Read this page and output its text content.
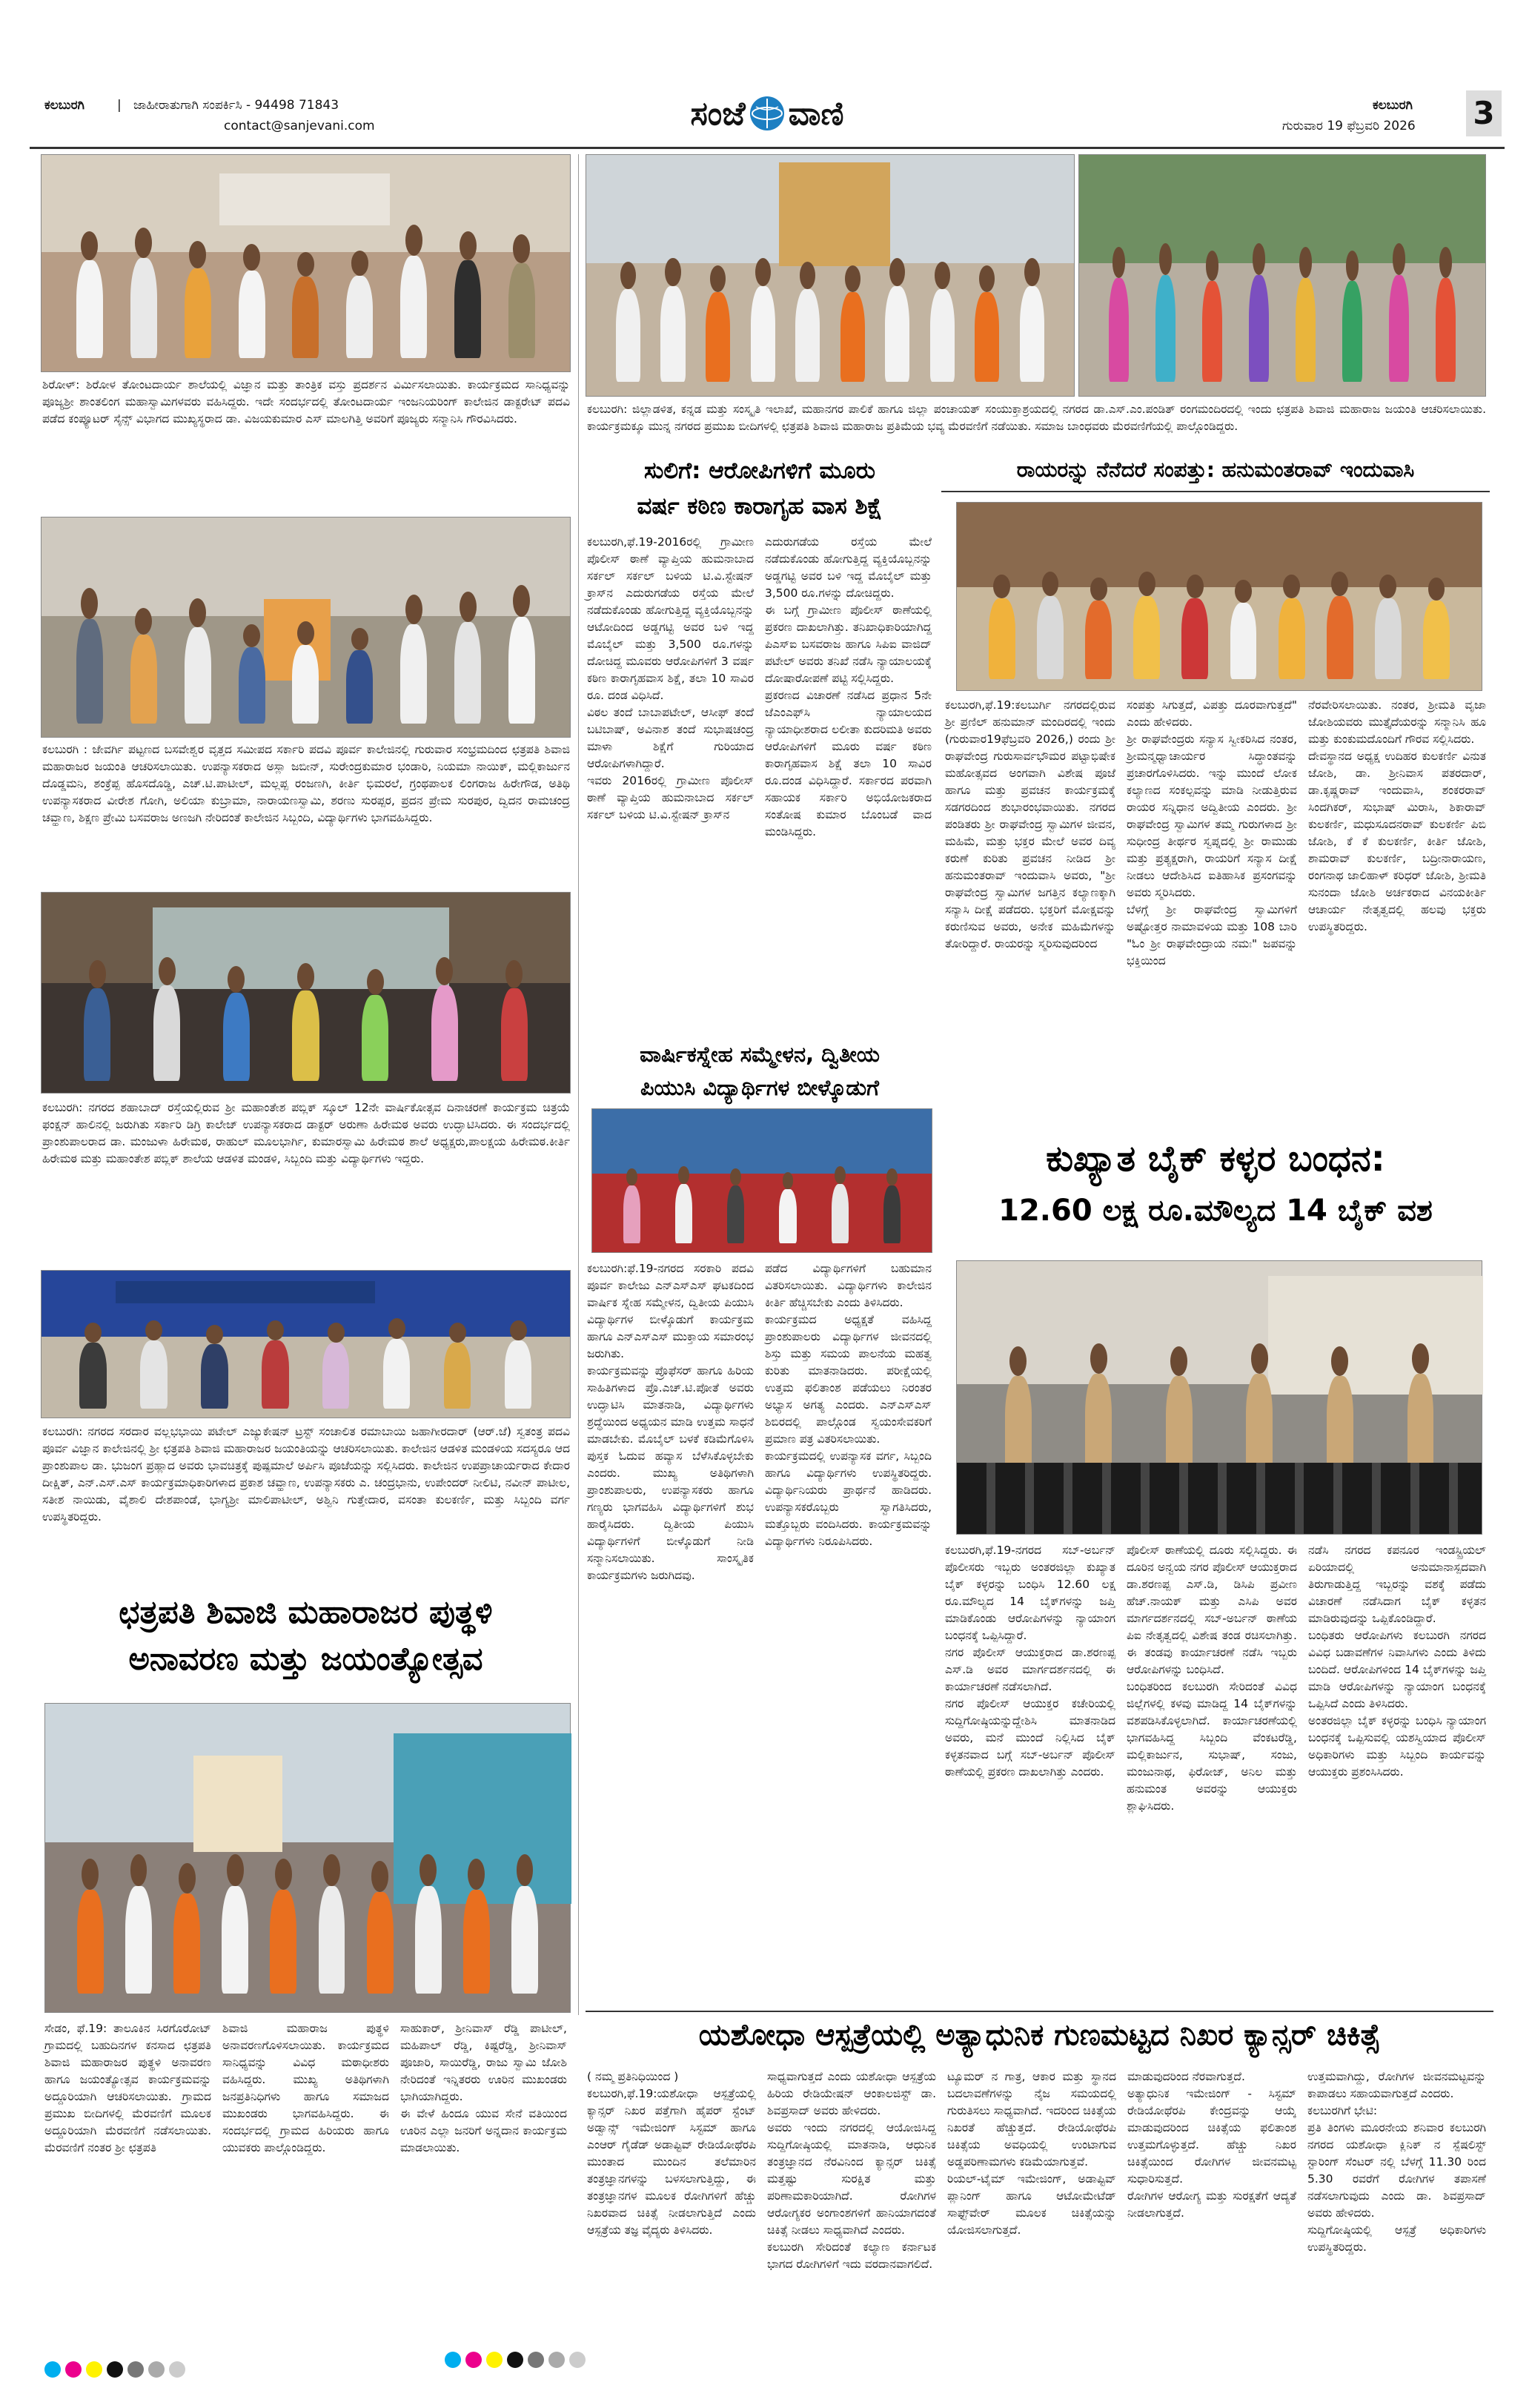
ಕಲಬುರಗಿ	| ಜಾಹೀರಾತುಗಾಗಿ ಸಂಪರ್ಕಿಸಿ - 94498 71843
contact@sanjevani.com	ಸಂಜೆ ವಾಣಿ	ಗುರುವಾರ 19 ಫೆಬ್ರವರಿ 2026
ಕಲಬುರಗಿ 3
ಶಿರೋಳ್: ಶಿರೋಳ ತೋಂಟದಾರ್ಯ ಶಾಲೆಯಲ್ಲಿ ವಿಜ್ಞಾನ ಮತ್ತು ತಾಂತ್ರಿಕ ವಸ್ತು ಪ್ರದರ್ಶನ ವಿರ್ಮಿಸಲಾಯಿತು. ಕಾರ್ಯಕ್ರಮದ ಸಾನಿಧ್ಯವನ್ನು ಪೂಜ್ಯಶ್ರೀ ಶಾಂತಲಿಂಗ ಮಹಾಸ್ವಾಮಿಗಳವರು ವಹಿಸಿದ್ದರು. ಇದೇ ಸಂದರ್ಭದಲ್ಲಿ ತೋಂಟದಾರ್ಯ ಇಂಜನಿಯರಿಂಗ್ ಕಾಲೇಜಿನ ಡಾಕ್ಟರೇಟ್ ಪದವಿ ಪಡೆದ ಕಂಪ್ಯೂಟರ್ ಸೈನ್ಸ್ ವಿಭಾಗದ ಮುಖ್ಯಸ್ಥರಾದ ಡಾ. ವಿಜಯಕುಮಾರ ಎಸ್ ಮಾಲಗಿತ್ತಿ ಅವರಿಗೆ ಪೂಜ್ಯರು ಸನ್ಮಾನಿಸಿ ಗೌರವಿಸಿದರು.
ಕಲಬುರಗಿ : ಜೇವರ್ಗಿ ಪಟ್ಟಣದ ಬಸವೇಶ್ವರ ವೃತ್ತದ ಸಮೀಪದ ಸರ್ಕಾರಿ ಪದವಿ ಪೂರ್ವ ಕಾಲೇಜಿನಲ್ಲಿ ಗುರುವಾರ ಸಂಭ್ರಮದಿಂದ ಛತ್ರಪತಿ ಶಿವಾಜಿ ಮಹಾರಾಜರ ಜಯಂತಿ ಆಚರಿಸಲಾಯಿತು. ಉಪನ್ಯಾಸಕರಾದ ಅಸ್ಲಾ ಜಬೀನ್, ಸುರೇಂದ್ರಕುಮಾರ ಭಂಡಾರಿ, ನಿಯಮಾ ನಾಯಿಕ್, ಮಲ್ಲಿಕಾರ್ಜುನ ದೊಡ್ಡಮನಿ, ಶಂಕ್ರೆಪ್ಪ ಹೊಸದೊಡ್ಡಿ, ಎಚ್.ಟಿ.ಪಾಟೀಲ್, ಮಲ್ಲಪ್ಪ ರಂಜಣಗಿ, ಕೀರ್ತಿ ಭಿಮರಲೆ, ಗ್ರಂಥಪಾಲಕ ಲಿಂಗರಾಜ ಹಿರೇಗೌಡ, ಅತಿಥಿ ಉಪನ್ಯಾಸಕರಾದ ವೀರೇಶ ಗೋಗಿ, ಅಲಿಯಾ ಕುಬ್ರಾಮಾ, ನಾರಾಯಣಸ್ವಾಮಿ, ಶರಣು ಸುರಪ್ಪರ, ಪ್ರದನ ಪ್ರೇಮ ಸುರಪುರ, ದ್ವಿದನ ರಾಮಚಂದ್ರ ಚವ್ಹಾಣ, ಶಿಕ್ಷಣ ಪ್ರೇಮಿ ಬಸವರಾಜ ಅಣಜಗಿ ನೇರಿದಂತೆ ಕಾಲೇಜಿನ ಸಿಬ್ಬಂದಿ, ವಿದ್ಯಾರ್ಥಿಗಳು ಭಾಗವಹಿಸಿದ್ದರು.
ಕಲಬುರಗಿ: ನಗರದ ಶಹಾಬಾದ್ ರಸ್ತೆಯಲ್ಲಿರುವ ಶ್ರೀ ಮಹಾಂತೇಶ ಪಬ್ಲಿಕ್ ಸ್ಕೂಲ್ 12ನೇ ವಾರ್ಷಿಕೋತ್ಸವ ದಿನಾಚರಣೆ ಕಾರ್ಯಕ್ರಮ ಚಿತ್ರಯೆ ಫಂಕ್ಷನ್ ಹಾಲಿನಲ್ಲಿ ಜರುಗಿತು ಸರ್ಕಾರಿ ಡಿಗ್ರಿ ಕಾಲೇಜ್ ಉಪನ್ಯಾಸಕರಾದ ಡಾಕ್ಟರ್ ಅರುಣಾ ಹಿರೇಮಠ ಅವರು ಉದ್ಘಾಟಿಸಿದರು. ಈ ಸಂದರ್ಭದಲ್ಲಿ ಪ್ರಾಂಶುಪಾಲರಾದ ಡಾ. ಮಂಜುಳಾ ಹಿರೇಮಠ, ರಾಹುಲ್ ಮೂಲಭಾರ್ಗಿ, ಕುಮಾರಸ್ವಾಮಿ ಹಿರೇಮಠ ಶಾಲೆ ಅಧ್ಯಕ್ಷರು,ಪಾಲಕ್ಷಯ ಹಿರೇಮಠ.ಕೀರ್ತಿ ಹಿರೇಮಠ ಮತ್ತು ಮಹಾಂತೇಶ ಪಬ್ಲಿಕ್ ಶಾಲೆಯ ಆಡಳಿತ ಮಂಡಳಿ, ಸಿಬ್ಬಂದಿ ಮತ್ತು ವಿದ್ಯಾರ್ಥಿಗಳು ಇದ್ದರು.
ಕಲಬುರಗಿ: ನಗರದ ಸರದಾರ ವಲ್ಲಭಭಾಯಿ ಪಟೇಲ್ ಎಜ್ಯುಕೇಷನ್ ಟ್ರಸ್ಟ್ ಸಂಚಾಲಿತ ರಮಾಬಾಯಿ ಜಹಾಗೀರದಾರ್ (ಆರ್.ಜೆ) ಸ್ವತಂತ್ರ ಪದವಿ ಪೂರ್ವ ವಿಜ್ಞಾನ ಕಾಲೇಜಿನಲ್ಲಿ ಶ್ರೀ ಛತ್ರಪತಿ ಶಿವಾಜಿ ಮಹಾರಾಜರ ಜಯಂತಿಯನ್ನು ಆಚರಿಸಲಾಯಿತು. ಕಾಲೇಜಿನ ಆಡಳಿತ ಮಂಡಳಿಯ ಸದಸ್ಯರೂ ಆದ ಪ್ರಾಂಶುಪಾಲ ಡಾ. ಭುಜಂಗ ಪ್ರಹ್ಲಾದ ಅವರು ಭಾವಚಿತ್ರಕ್ಕೆ ಪುಷ್ಪಮಾಲೆ ಅರ್ಪಿಸಿ ಪೂಜೆಯನ್ನು ಸಲ್ಲಿಸಿದರು. ಕಾಲೇಜಿನ ಉಪಪ್ರಾಚಾರ್ಯರಾದ ಕೇದಾರ ದೀಕ್ಷಿತ್, ಎನ್.ಎಸ್.ಎಸ್ ಕಾರ್ಯಕ್ರಮಾಧಿಕಾರಿಗಳಾದ ಪ್ರಕಾಶ ಚವ್ಹಾಣ, ಉಪನ್ಯಾಸಕರು ಎ. ಚಂದ್ರಭಾನು, ಉಪೇಂದರ್ ನೀಲಿಟಿ, ನವೀನ್ ಪಾಟೀಲ, ಸತೀಶ ನಾಯಿಡು, ವೈಶಾಲಿ ದೇಶಪಾಂಡೆ, ಭಾಗ್ಯಶ್ರೀ ಮಾಲಿಪಾಟೀಲ್, ಅಶ್ವಿನಿ ಗುತ್ತೇದಾರ, ವಸಂತಾ ಕುಲಕರ್ಣಿ, ಮತ್ತು ಸಿಬ್ಬಂದಿ ವರ್ಗ ಉಪಸ್ಥಿತರಿದ್ದರು.
ಛತ್ರಪತಿ ಶಿವಾಜಿ ಮಹಾರಾಜರ ಪುತ್ಥಳಿ
ಅನಾವರಣ ಮತ್ತು ಜಯಂತ್ಯೋತ್ಸವ
ಸೇಡಂ, ಫೆ.19: ತಾಲೂಕಿನ ಸಿರಗೊರೋಟ್ ಗ್ರಾಮದಲ್ಲಿ ಬಹುದಿನಗಳ ಕನಸಾದ ಛತ್ರಪತಿ ಶಿವಾಜಿ ಮಹಾರಾಜರ ಪುತ್ಥಳಿ ಅನಾವರಣ ಹಾಗೂ ಜಯಂತ್ಯೋತ್ಸವ ಕಾರ್ಯಕ್ರಮವನ್ನು ಅದ್ದೂರಿಯಾಗಿ ಆಚರಿಸಲಾಯಿತು. ಗ್ರಾಮದ ಪ್ರಮುಖ ಬೀದಿಗಳಲ್ಲಿ ಮೆರವಣಿಗೆ ಮೂಲಕ ಅದ್ದೂರಿಯಾಗಿ ಮೆರವಣಿಗೆ ನಡೆಸಲಾಯಿತು. ಮೆರವಣಿಗೆ ನಂತರ ಶ್ರೀ ಛತ್ರಪತಿ
ಶಿವಾಜಿ ಮಹಾರಾಜ ಪುತ್ಥಳಿ ಅನಾವರಣಗೊಳಿಸಲಾಯಿತು. ಕಾರ್ಯಕ್ರಮದ ಸಾನಿಧ್ಯವನ್ನು ವಿವಿಧ ಮಠಾಧೀಶರು ವಹಿಸಿದ್ದರು. ಮುಖ್ಯ ಅತಿಥಿಗಳಾಗಿ ಜನಪ್ರತಿನಿಧಿಗಳು ಹಾಗೂ ಸಮಾಜದ ಮುಖಂಡರು ಭಾಗವಹಿಸಿದ್ದರು. ಈ ಸಂದರ್ಭದಲ್ಲಿ ಗ್ರಾಮದ ಹಿರಿಯರು ಹಾಗೂ ಯುವಕರು ಪಾಲ್ಗೊಂಡಿದ್ದರು.
ಸಾಹುಕಾರ್, ಶ್ರೀನಿವಾಸ್ ರೆಡ್ಡಿ ಪಾಟೀಲ್, ಮಹಿಪಾಲ್ ರೆಡ್ಡಿ, ಕಿಷ್ಟರೆಡ್ಡಿ, ಶ್ರೀನಿವಾಸ್ ಪೂಜಾರಿ, ಸಾಯಿರೆಡ್ಡಿ, ರಾಜು ಸ್ವಾಮಿ ಜೋಶಿ ನೇರಿದಂತೆ ಇನ್ನಿತರರು ಊರಿನ ಮುಖಂಡರು ಭಾಗಿಯಾಗಿದ್ದರು.
ಈ ವೇಳೆ ಹಿಂದೂ ಯುವ ಸೇನೆ ವತಿಯಿಂದ ಊರಿನ ಎಲ್ಲಾ ಜನರಿಗೆ ಅನ್ನದಾನ ಕಾರ್ಯಕ್ರಮ ಮಾಡಲಾಯಿತು.
ಕಲಬುರಗಿ: ಜಿಲ್ಲಾಡಳಿತ, ಕನ್ನಡ ಮತ್ತು ಸಂಸ್ಕೃತಿ ಇಲಾಖೆ, ಮಹಾನಗರ ಪಾಲಿಕೆ ಹಾಗೂ ಜಿಲ್ಲಾ ಪಂಚಾಯತ್ ಸಂಯುಕ್ತಾಶ್ರಯದಲ್ಲಿ ನಗರದ ಡಾ.ಎಸ್.ಎಂ.ಪಂಡಿತ್ ರಂಗಮಂದಿರದಲ್ಲಿ ಇಂದು ಛತ್ರಪತಿ ಶಿವಾಜಿ ಮಹಾರಾಜ ಜಯಂತಿ ಆಚರಿಸಲಾಯಿತು. ಕಾರ್ಯಕ್ರಮಕ್ಕೂ ಮುನ್ನ ನಗರದ ಪ್ರಮುಖ ಬೀದಿಗಳಲ್ಲಿ ಛತ್ರಪತಿ ಶಿವಾಜಿ ಮಹಾರಾಜ ಪ್ರತಿಮೆಯ ಭವ್ಯ ಮೆರವಣಿಗೆ ನಡೆಯಿತು. ಸಮಾಜ ಬಾಂಧವರು ಮೆರವಣಿಗೆಯಲ್ಲಿ ಪಾಲ್ಗೊಂಡಿದ್ದರು.
ಸುಲಿಗೆ: ಆರೋಪಿಗಳಿಗೆ ಮೂರು
ವರ್ಷ ಕಠಿಣ ಕಾರಾಗೃಹ ವಾಸ ಶಿಕ್ಷೆ
ಕಲಬುರಗಿ,ಫೆ.19-2016ರಲ್ಲಿ ಗ್ರಾಮೀಣ ಪೊಲೀಸ್ ಠಾಣೆ ವ್ಯಾಪ್ತಿಯ ಹುಮನಾಬಾದ ಸರ್ಕಲ್ ಸರ್ಕಲ್ ಬಳಿಯ ಟಿ.ವಿ.ಸ್ಟೇಷನ್ ಕ್ರಾಸ್‌ನ ಎದುರುಗಡೆಯ ರಸ್ತೆಯ ಮೇಲೆ ನಡೆದುಕೊಂಡು ಹೋಗುತ್ತಿದ್ದ ವ್ಯಕ್ತಿಯೊಬ್ಬನನ್ನು ಆಟೋದಿಂದ ಅಡ್ಡಗಟ್ಟಿ ಅವರ ಬಳಿ ಇದ್ದ ಮೊಬೈಲ್ ಮತ್ತು 3,500 ರೂ.ಗಳನ್ನು ದೋಚಿದ್ದ ಮೂವರು ಆರೋಪಿಗಳಿಗೆ 3 ವರ್ಷ ಕಠಿಣ ಕಾರಾಗೃಹವಾಸ ಶಿಕ್ಷೆ, ತಲಾ 10 ಸಾವಿರ ರೂ. ದಂಡ ವಿಧಿಸಿದೆ.
ವಿಠಲ ತಂದೆ ಬಾಬಾಪಟೇಲ್, ಆಸೀಫ್ ತಂದೆ ಬಟಿಬಾಷ್, ಅವಿನಾಶ ತಂದೆ ಸುಭಾಷಚಂದ್ರ ಮಾಳಾ ಶಿಕ್ಷೆಗೆ ಗುರಿಯಾದ ಆರೋಪಿಗಳಾಗಿದ್ದಾರೆ.
ಇವರು 2016ರಲ್ಲಿ ಗ್ರಾಮೀಣ ಪೊಲೀಸ್ ಠಾಣೆ ವ್ಯಾಪ್ತಿಯ ಹುಮನಾಬಾದ ಸರ್ಕಲ್ ಸರ್ಕಲ್ ಬಳಿಯ ಟಿ.ವಿ.ಸ್ಟೇಷನ್ ಕ್ರಾಸ್‌ನ
ಎದುರುಗಡೆಯ ರಸ್ತೆಯ ಮೇಲೆ ನಡೆದುಕೊಂಡು ಹೋಗುತ್ತಿದ್ದ ವ್ಯಕ್ತಿಯೊಬ್ಬನನ್ನು ಅಡ್ಡಗಟ್ಟಿ ಅವರ ಬಳಿ ಇದ್ದ ಮೊಬೈಲ್ ಮತ್ತು 3,500 ರೂ.ಗಳನ್ನು ದೋಚಿದ್ದರು.
ಈ ಬಗ್ಗೆ ಗ್ರಾಮೀಣ ಪೊಲೀಸ್ ಠಾಣೆಯಲ್ಲಿ ಪ್ರಕರಣ ದಾಖಲಾಗಿತ್ತು. ತನಿಖಾಧಿಕಾರಿಯಾಗಿದ್ದ ಪಿಎಸ್‌ಐ ಬಸವರಾಜ ಹಾಗೂ ಸಿಪಿಐ ವಾಜಿದ್ ಪಟೇಲ್ ಅವರು ತನಿಖೆ ನಡೆಸಿ ನ್ಯಾಯಾಲಯಕ್ಕೆ ದೋಷಾರೋಪಣೆ ಪಟ್ಟಿ ಸಲ್ಲಿಸಿದ್ದರು.
ಪ್ರಕರಣದ ವಿಚಾರಣೆ ನಡೆಸಿದ ಪ್ರಧಾನ 5ನೇ ಜೆಎಂಎಫ್‌ಸಿ ನ್ಯಾಯಾಲಯದ ನ್ಯಾಯಾಧೀಶರಾದ ಲಲೀತಾ ಕುದರಿಮತಿ ಅವರು ಆರೋಪಿಗಳಿಗೆ ಮೂರು ವರ್ಷ ಕಠಿಣ ಕಾರಾಗೃಹವಾಸ ಶಿಕ್ಷೆ ತಲಾ 10 ಸಾವಿರ ರೂ.ದಂಡ ವಿಧಿಸಿದ್ದಾರೆ. ಸರ್ಕಾರದ ಪರವಾಗಿ ಸಹಾಯಕ ಸರ್ಕಾರಿ ಅಭಿಯೋಜಕರಾದ ಸಂತೋಷ ಕುಮಾರ ಬೊಂಬಡೆ ವಾದ ಮಂಡಿಸಿದ್ದರು.
ರಾಯರನ್ನು ನೆನೆದರೆ ಸಂಪತ್ತು: ಹನುಮಂತರಾವ್ ಇಂದುವಾಸಿ
ಕಲಬುರಗಿ,ಫೆ.19:ಕಲಬುರ್ಗಿ ನಗರದಲ್ಲಿರುವ ಶ್ರೀ ಪ್ರಣಿಲ್ ಹನುಮಾನ್ ಮಂದಿರದಲ್ಲಿ ಇಂದು (ಗುರುವಾರ19ಫೆಬ್ರವರಿ 2026,) ರಂದು ಶ್ರೀ ರಾಘವೇಂದ್ರ ಗುರುಸಾರ್ವಭೌಮರ ಪಟ್ಟಾಭಿಷೇಕ ಮಹೋತ್ಸವದ ಅಂಗವಾಗಿ ವಿಶೇಷ ಪೂಜೆ ಹಾಗೂ ಮತ್ತು ಪ್ರವಚನ ಕಾರ್ಯಕ್ರಮಕ್ಕೆ ಸಡಗರದಿಂದ ಶುಭಾರಂಭವಾಯಿತು. ನಗರದ ಪಂಡಿತರು ಶ್ರೀ ರಾಘವೇಂದ್ರ ಸ್ವಾಮಿಗಳ ಜೀವನ, ಮಹಿಮೆ, ಮತ್ತು ಭಕ್ತರ ಮೇಲೆ ಅವರ ದಿವ್ಯ ಕರುಣೆ ಕುರಿತು ಪ್ರವಚನ ನೀಡಿದ ಶ್ರೀ ಹನುಮಂತರಾವ್ ಇಂದುವಾಸಿ ಅವರು, "ಶ್ರೀ ರಾಘವೇಂದ್ರ ಸ್ವಾಮಿಗಳ ಜಗತ್ತಿನ ಕಲ್ಯಾಣಕ್ಕಾಗಿ ಸನ್ಯಾಸಿ ದೀಕ್ಷೆ ಪಡೆದರು. ಭಕ್ತರಿಗೆ ಮೋಕ್ಷವನ್ನು ಕರುಣಿಸುವ ಅವರು, ಅನೇಕ ಮಹಿಮೆಗಳನ್ನು ತೋರಿದ್ದಾರೆ. ರಾಯರನ್ನು ಸ್ಮರಿಸುವುದರಿಂದ
ಸಂಪತ್ತು ಸಿಗುತ್ತದೆ, ವಿಪತ್ತು ದೂರವಾಗುತ್ತದೆ" ಎಂದು ಹೇಳಿದರು.
ಶ್ರೀ ರಾಘವೇಂದ್ರರು ಸನ್ಯಾಸ ಸ್ವೀಕರಿಸಿದ ನಂತರ, ಶ್ರೀಮನ್ಮಧ್ವಾಚಾರ್ಯರ ಸಿದ್ಧಾಂತವನ್ನು ಪ್ರಚಾರಗೊಳಿಸಿದರು. ಇನ್ನು ಮುಂದೆ ಲೋಕ ಕಲ್ಯಾಣದ ಸಂಕಲ್ಪವನ್ನು ಮಾಡಿ ನೀಡುತ್ತಿರುವ ರಾಯರ ಸನ್ನಿಧಾನ ಅದ್ವಿತೀಯ ಎಂದರು. ಶ್ರೀ ರಾಘವೇಂದ್ರ ಸ್ವಾಮಿಗಳ ತಮ್ಮ ಗುರುಗಳಾದ ಶ್ರೀ ಸುಧೀಂದ್ರ ತೀರ್ಥರ ಸ್ವಪ್ನದಲ್ಲಿ ಶ್ರೀ ರಾಮುಡು ಮತ್ತು ಪ್ರತ್ಯಕ್ಷರಾಗಿ, ರಾಯರಿಗೆ ಸನ್ಯಾಸ ದೀಕ್ಷೆ ನೀಡಲು ಆದೇಶಿಸಿದ ಐತಿಹಾಸಿಕ ಪ್ರಸಂಗವನ್ನು ಅವರು ಸ್ಮರಿಸಿದರು.
ಬೆಳಗ್ಗೆ ಶ್ರೀ ರಾಘವೇಂದ್ರ ಸ್ವಾಮಿಗಳಿಗೆ ಅಷ್ಟೋತ್ತರ ನಾಮಾವಳಿಯ ಮತ್ತು 108 ಬಾರಿ "ಓಂ ಶ್ರೀ ರಾಘವೇಂದ್ರಾಯ ನಮಃ" ಜಪವನ್ನು ಭಕ್ತಿಯಿಂದ
ನೆರವೇರಿಸಲಾಯಿತು. ನಂತರ, ಶ್ರೀಮತಿ ವೃಜಾ ಜೋಶಿಯವರು ಮುತ್ತೈದೆಯರನ್ನು ಸನ್ಮಾನಿಸಿ ಹೂ ಮತ್ತು ಕುಂಕುಮದೊಂದಿಗೆ ಗೌರವ ಸಲ್ಲಿಸಿದರು.
ದೇವಸ್ಥಾನದ ಅಧ್ಯಕ್ಷ ಉದಿಹರ ಕುಲಕರ್ಣಿ ವಿನುತ ಜೋಶಿ, ಡಾ. ಶ್ರೀನಿವಾಸ ಪತರದಾರ್, ಡಾ.ಕೃಷ್ಣರಾವ್ ಇಂದುವಾಸಿ, ಶಂಕರರಾವ್ ಸಿಂದಗಿಕರ್, ಸುಭಾಷ್ ಮಿರಾಸಿ, ಶಿಕಾರಾವ್ ಕುಲಕರ್ಣಿ, ಮಧುಸೂದನರಾವ್ ಕುಲಕರ್ಣಿ ಪಿಬಿ ಜೋಶಿ, ಕೆ ಕೆ ಕುಲಕರ್ಣಿ, ಕೀರ್ತಿ ಜೋಶಿ, ಶಾಮರಾವ್ ಕುಲಕರ್ಣಿ, ಬದ್ರೀನಾರಾಯಣ, ರಂಗನಾಥ ಜಾಲಿಹಾಳ್ ಕರಿಧರ್ ಜೋಶಿ, ಶ್ರೀಮತಿ ಸುನಂದಾ ಜೋಶಿ ಅರ್ಚಕರಾದ ವಿನಯಕೀರ್ತಿ ಆಚಾರ್ಯ ನೇತೃತ್ವದಲ್ಲಿ ಹಲವು ಭಕ್ತರು ಉಪಸ್ಥಿತರಿದ್ದರು.
ವಾರ್ಷಿಕಸ್ನೇಹ ಸಮ್ಮೇಳನ, ದ್ವಿತೀಯ
ಪಿಯುಸಿ ವಿದ್ಯಾರ್ಥಿಗಳ ಬೀಳ್ಕೊಡುಗೆ
ಕಲಬುರಗಿ:ಫೆ.19-ನಗರದ ಸರಕಾರಿ ಪದವಿ ಪೂರ್ವ ಕಾಲೇಜು ಎನ್‌ಎಸ್‌ಎಸ್ ಘಟಕದಿಂದ ವಾರ್ಷಿಕ ಸ್ನೇಹ ಸಮ್ಮೇಳನ, ದ್ವಿತೀಯ ಪಿಯುಸಿ ವಿದ್ಯಾರ್ಥಿಗಳ ಬೀಳ್ಕೊಡುಗೆ ಕಾರ್ಯಕ್ರಮ ಹಾಗೂ ಎನ್‌ಎಸ್‌ಎಸ್ ಮುಕ್ತಾಯ ಸಮಾರಂಭ ಜರುಗಿತು.
ಕಾರ್ಯಕ್ರಮವನ್ನು ಪ್ರೊಫೆಸರ್ ಹಾಗೂ ಹಿರಿಯ ಸಾಹಿತಿಗಳಾದ ಪ್ರೊ.ಎಚ್.ಟಿ.ಪೋತೆ ಅವರು ಉದ್ಘಾಟಿಸಿ ಮಾತನಾಡಿ, ವಿದ್ಯಾರ್ಥಿಗಳು ಶ್ರದ್ಧೆಯಿಂದ ಅಧ್ಯಯನ ಮಾಡಿ ಉತ್ತಮ ಸಾಧನೆ ಮಾಡಬೇಕು. ಮೊಬೈಲ್ ಬಳಕೆ ಕಡಿಮೆಗೊಳಿಸಿ ಪುಸ್ತಕ ಓದುವ ಹವ್ಯಾಸ ಬೆಳೆಸಿಕೊಳ್ಳಬೇಕು ಎಂದರು. ಮುಖ್ಯ ಅತಿಥಿಗಳಾಗಿ ಪ್ರಾಂಶುಪಾಲರು, ಉಪನ್ಯಾಸಕರು ಹಾಗೂ ಗಣ್ಯರು ಭಾಗವಹಿಸಿ ವಿದ್ಯಾರ್ಥಿಗಳಿಗೆ ಶುಭ ಹಾರೈಸಿದರು. ದ್ವಿತೀಯ ಪಿಯುಸಿ ವಿದ್ಯಾರ್ಥಿಗಳಿಗೆ ಬೀಳ್ಕೊಡುಗೆ ನೀಡಿ ಸನ್ಮಾನಿಸಲಾಯಿತು. ಸಾಂಸ್ಕೃತಿಕ ಕಾರ್ಯಕ್ರಮಗಳು ಜರುಗಿದವು.
ಪಡೆದ ವಿದ್ಯಾರ್ಥಿಗಳಿಗೆ ಬಹುಮಾನ ವಿತರಿಸಲಾಯಿತು. ವಿದ್ಯಾರ್ಥಿಗಳು ಕಾಲೇಜಿನ ಕೀರ್ತಿ ಹೆಚ್ಚಿಸಬೇಕು ಎಂದು ತಿಳಿಸಿದರು.
ಕಾರ್ಯಕ್ರಮದ ಅಧ್ಯಕ್ಷತೆ ವಹಿಸಿದ್ದ ಪ್ರಾಂಶುಪಾಲರು ವಿದ್ಯಾರ್ಥಿಗಳ ಜೀವನದಲ್ಲಿ ಶಿಸ್ತು ಮತ್ತು ಸಮಯ ಪಾಲನೆಯ ಮಹತ್ವ ಕುರಿತು ಮಾತನಾಡಿದರು. ಪರೀಕ್ಷೆಯಲ್ಲಿ ಉತ್ತಮ ಫಲಿತಾಂಶ ಪಡೆಯಲು ನಿರಂತರ ಅಭ್ಯಾಸ ಅಗತ್ಯ ಎಂದರು. ಎನ್‌ಎಸ್‌ಎಸ್ ಶಿಬಿರದಲ್ಲಿ ಪಾಲ್ಗೊಂಡ ಸ್ವಯಂಸೇವಕರಿಗೆ ಪ್ರಮಾಣ ಪತ್ರ ವಿತರಿಸಲಾಯಿತು.
ಕಾರ್ಯಕ್ರಮದಲ್ಲಿ ಉಪನ್ಯಾಸಕ ವರ್ಗ, ಸಿಬ್ಬಂದಿ ಹಾಗೂ ವಿದ್ಯಾರ್ಥಿಗಳು ಉಪಸ್ಥಿತರಿದ್ದರು. ವಿದ್ಯಾರ್ಥಿನಿಯರು ಪ್ರಾರ್ಥನೆ ಹಾಡಿದರು. ಉಪನ್ಯಾಸಕರೊಬ್ಬರು ಸ್ವಾಗತಿಸಿದರು, ಮತ್ತೊಬ್ಬರು ವಂದಿಸಿದರು. ಕಾರ್ಯಕ್ರಮವನ್ನು ವಿದ್ಯಾರ್ಥಿಗಳು ನಿರೂಪಿಸಿದರು.
ಕುಖ್ಯಾತ ಬೈಕ್ ಕಳ್ಳರ ಬಂಧನ:
12.60 ಲಕ್ಷ ರೂ.ಮೌಲ್ಯದ 14 ಬೈಕ್ ವಶ
ಕಲಬುರಗಿ,ಫೆ.19-ನಗರದ ಸಬ್-ಅರ್ಬನ್ ಪೊಲೀಸರು ಇಬ್ಬರು ಅಂತರಜಿಲ್ಲಾ ಕುಖ್ಯಾತ ಬೈಕ್ ಕಳ್ಳರನ್ನು ಬಂಧಿಸಿ 12.60 ಲಕ್ಷ ರೂ.ಮೌಲ್ಯದ 14 ಬೈಕ್‌ಗಳನ್ನು ಜಪ್ತಿ ಮಾಡಿಕೊಂಡು ಆರೋಪಿಗಳನ್ನು ನ್ಯಾಯಾಂಗ ಬಂಧನಕ್ಕೆ ಒಪ್ಪಿಸಿದ್ದಾರೆ.
ನಗರ ಪೊಲೀಸ್ ಆಯುಕ್ತರಾದ ಡಾ.ಶರಣಪ್ಪ ಎಸ್.ಡಿ ಅವರ ಮಾರ್ಗದರ್ಶನದಲ್ಲಿ ಈ ಕಾರ್ಯಾಚರಣೆ ನಡೆಸಲಾಗಿದೆ.
ನಗರ ಪೊಲೀಸ್ ಆಯುಕ್ತರ ಕಚೇರಿಯಲ್ಲಿ ಸುದ್ದಿಗೋಷ್ಠಿಯನ್ನುದ್ದೇಶಿಸಿ ಮಾತನಾಡಿದ ಅವರು, ಮನೆ ಮುಂದೆ ನಿಲ್ಲಿಸಿದ ಬೈಕ್ ಕಳ್ಳತನವಾದ ಬಗ್ಗೆ ಸಬ್-ಅರ್ಬನ್ ಪೊಲೀಸ್ ಠಾಣೆಯಲ್ಲಿ ಪ್ರಕರಣ ದಾಖಲಾಗಿತ್ತು ಎಂದರು.
ಪೊಲೀಸ್ ಠಾಣೆಯಲ್ಲಿ ದೂರು ಸಲ್ಲಿಸಿದ್ದರು. ಈ ದೂರಿನ ಅನ್ವಯ ನಗರ ಪೊಲೀಸ್ ಆಯುಕ್ತರಾದ ಡಾ.ಶರಣಪ್ಪ ಎಸ್.ಡಿ, ಡಿಸಿಪಿ ಪ್ರವೀಣ ಹೆಚ್.ನಾಯಕ್ ಮತ್ತು ಎಸಿಪಿ ಅವರ ಮಾರ್ಗದರ್ಶನದಲ್ಲಿ ಸಬ್-ಅರ್ಬನ್ ಠಾಣೆಯ ಪಿಐ ನೇತೃತ್ವದಲ್ಲಿ ವಿಶೇಷ ತಂಡ ರಚಿಸಲಾಗಿತ್ತು. ಈ ತಂಡವು ಕಾರ್ಯಾಚರಣೆ ನಡೆಸಿ ಇಬ್ಬರು ಆರೋಪಿಗಳನ್ನು ಬಂಧಿಸಿದೆ.
ಬಂಧಿತರಿಂದ ಕಲಬುರಗಿ ಸೇರಿದಂತೆ ವಿವಿಧ ಜಿಲ್ಲೆಗಳಲ್ಲಿ ಕಳವು ಮಾಡಿದ್ದ 14 ಬೈಕ್‌ಗಳನ್ನು ವಶಪಡಿಸಿಕೊಳ್ಳಲಾಗಿದೆ. ಕಾರ್ಯಾಚರಣೆಯಲ್ಲಿ ಭಾಗವಹಿಸಿದ್ದ ಸಿಬ್ಬಂದಿ ವೆಂಕಟರೆಡ್ಡಿ, ಮಲ್ಲಿಕಾರ್ಜುನ, ಸುಭಾಷ್, ಸಂಜು, ಮಂಜುನಾಥ, ಫಿರೋಜ್, ಅನಿಲ ಮತ್ತು ಹನುಮಂತ ಅವರನ್ನು ಆಯುಕ್ತರು ಶ್ಲಾಘಿಸಿದರು.
ನಡೆಸಿ ನಗರದ ಕಪನೂರ ಇಂಡಸ್ಟ್ರಿಯಲ್ ಏರಿಯಾದಲ್ಲಿ ಅನುಮಾನಾಸ್ಪದವಾಗಿ ತಿರುಗಾಡುತ್ತಿದ್ದ ಇಬ್ಬರನ್ನು ವಶಕ್ಕೆ ಪಡೆದು ವಿಚಾರಣೆ ನಡೆಸಿದಾಗ ಬೈಕ್ ಕಳ್ಳತನ ಮಾಡಿರುವುದನ್ನು ಒಪ್ಪಿಕೊಂಡಿದ್ದಾರೆ.
ಬಂಧಿತರು ಆರೋಪಿಗಳು ಕಲಬುರಗಿ ನಗರದ ವಿವಿಧ ಬಡಾವಣೆಗಳ ನಿವಾಸಿಗಳು ಎಂದು ತಿಳಿದು ಬಂದಿದೆ. ಆರೋಪಿಗಳಿಂದ 14 ಬೈಕ್‌ಗಳನ್ನು ಜಪ್ತಿ ಮಾಡಿ ಆರೋಪಿಗಳನ್ನು ನ್ಯಾಯಾಂಗ ಬಂಧನಕ್ಕೆ ಒಪ್ಪಿಸಿದೆ ಎಂದು ತಿಳಿಸಿದರು.
ಅಂತರಜಿಲ್ಲಾ ಬೈಕ್ ಕಳ್ಳರನ್ನು ಬಂಧಿಸಿ ನ್ಯಾಯಾಂಗ ಬಂಧನಕ್ಕೆ ಒಪ್ಪಿಸುವಲ್ಲಿ ಯಶಸ್ವಿಯಾದ ಪೊಲೀಸ್ ಅಧಿಕಾರಿಗಳು ಮತ್ತು ಸಿಬ್ಬಂದಿ ಕಾರ್ಯವನ್ನು ಆಯುಕ್ತರು ಪ್ರಶಂಸಿಸಿದರು.
ಯಶೋಧಾ ಆಸ್ಪತ್ರೆಯಲ್ಲಿ ಅತ್ಯಾಧುನಿಕ ಗುಣಮಟ್ಟದ ನಿಖರ ಕ್ಯಾನ್ಸರ್ ಚಿಕಿತ್ಸೆ
( ನಮ್ಮ ಪ್ರತಿನಿಧಿಯಿಂದ )
ಕಲಬುರಗಿ,ಫೆ.19:ಯಶೋಧಾ ಆಸ್ಪತ್ರೆಯಲ್ಲಿ ಕ್ಯಾನ್ಸರ್ ನಿಖರ ಪತ್ತೆಗಾಗಿ ಹೈಪರ್ ಸ್ಟೆಂಟ್ ಅಡ್ವಾನ್ಸ್ ಇಮೇಜಿಂಗ್ ಸಿಸ್ಟಮ್ ಹಾಗೂ ಎಂಆರ್ ಗೈಡೆಡ್ ಅಡಾಪ್ಟಿವ್ ರೇಡಿಯೋಥೆರಪಿ ಮುಂತಾದ ಮುಂದಿನ ತಲೆಮಾರಿನ ತಂತ್ರಜ್ಞಾನಗಳನ್ನು ಬಳಸಲಾಗುತ್ತಿದ್ದು, ಈ ತಂತ್ರಜ್ಞಾನಗಳ ಮೂಲಕ ರೋಗಿಗಳಿಗೆ ಹೆಚ್ಚು ನಿಖರವಾದ ಚಿಕಿತ್ಸೆ ನೀಡಲಾಗುತ್ತಿದೆ ಎಂದು ಆಸ್ಪತ್ರೆಯ ತಜ್ಞ ವೈದ್ಯರು ತಿಳಿಸಿದರು.
ಸಾಧ್ಯವಾಗುತ್ತದೆ ಎಂದು ಯಶೋಧಾ ಆಸ್ಪತ್ರೆಯ ಹಿರಿಯ ರೇಡಿಯೇಷನ್ ಆಂಕಾಲಜಿಸ್ಟ್ ಡಾ. ಶಿವಪ್ರಸಾದ್ ಅವರು ಹೇಳಿದರು.
ಅವರು ಇಂದು ನಗರದಲ್ಲಿ ಆಯೋಜಿಸಿದ್ದ ಸುದ್ದಿಗೋಷ್ಠಿಯಲ್ಲಿ ಮಾತನಾಡಿ, ಆಧುನಿಕ ತಂತ್ರಜ್ಞಾನದ ನೆರವಿನಿಂದ ಕ್ಯಾನ್ಸರ್ ಚಿಕಿತ್ಸೆ ಮತ್ತಷ್ಟು ಸುರಕ್ಷಿತ ಮತ್ತು ಪರಿಣಾಮಕಾರಿಯಾಗಿದೆ. ರೋಗಿಗಳ ಆರೋಗ್ಯಕರ ಅಂಗಾಂಶಗಳಿಗೆ ಹಾನಿಯಾಗದಂತೆ ಚಿಕಿತ್ಸೆ ನೀಡಲು ಸಾಧ್ಯವಾಗಿದೆ ಎಂದರು.
ಕಲಬುರಗಿ ಸೇರಿದಂತೆ ಕಲ್ಯಾಣ ಕರ್ನಾಟಕ ಭಾಗದ ರೋಗಿಗಳಿಗೆ ಇದು ವರದಾನವಾಗಲಿದೆ.
ಟ್ಯೂಮರ್ ನ ಗಾತ್ರ, ಆಕಾರ ಮತ್ತು ಸ್ಥಾನದ ಬದಲಾವಣೆಗಳನ್ನು ನೈಜ ಸಮಯದಲ್ಲಿ ಗುರುತಿಸಲು ಸಾಧ್ಯವಾಗಿದೆ. ಇದರಿಂದ ಚಿಕಿತ್ಸೆಯ ನಿಖರತೆ ಹೆಚ್ಚುತ್ತದೆ. ರೇಡಿಯೋಥೆರಪಿ ಚಿಕಿತ್ಸೆಯ ಅವಧಿಯಲ್ಲಿ ಉಂಟಾಗುವ ಅಡ್ಡಪರಿಣಾಮಗಳು ಕಡಿಮೆಯಾಗುತ್ತವೆ.
ರಿಯಲ್-ಟೈಮ್ ಇಮೇಜಿಂಗ್, ಅಡಾಪ್ಟಿವ್ ಪ್ಲಾನಿಂಗ್ ಹಾಗೂ ಆಟೋಮೇಟೆಡ್ ಸಾಫ್ಟ್‌ವೇರ್ ಮೂಲಕ ಚಿಕಿತ್ಸೆಯನ್ನು ಯೋಜಿಸಲಾಗುತ್ತದೆ.
ಮಾಡುವುದರಿಂದ ನೆರವಾಗುತ್ತದೆ.
ಅತ್ಯಾಧುನಿಕ ಇಮೇಜಿಂಗ್ - ಸಿಸ್ಟಮ್ ರೇಡಿಯೋಥೆರಪಿ ಕೇಂದ್ರವನ್ನು ಆಯ್ಕೆ ಮಾಡುವುದರಿಂದ ಚಿಕಿತ್ಸೆಯ ಫಲಿತಾಂಶ ಉತ್ತಮಗೊಳ್ಳುತ್ತದೆ. ಹೆಚ್ಚು ನಿಖರ ಚಿಕಿತ್ಸೆಯಿಂದ ರೋಗಿಗಳ ಜೀವನಮಟ್ಟ ಸುಧಾರಿಸುತ್ತದೆ.
ರೋಗಿಗಳ ಆರೋಗ್ಯ ಮತ್ತು ಸುರಕ್ಷತೆಗೆ ಆದ್ಯತೆ ನೀಡಲಾಗುತ್ತದೆ.
ಉತ್ತಮವಾಗಿದ್ದು, ರೋಗಿಗಳ ಜೀವನಮಟ್ಟವನ್ನು ಕಾಪಾಡಲು ಸಹಾಯವಾಗುತ್ತದೆ ಎಂದರು.
ಕಲಬುರಗಿಗೆ ಭೇಟಿ:
ಪ್ರತಿ ತಿಂಗಳು ಮೂರನೇಯ ಶನಿವಾರ ಕಲಬುರಗಿ ನಗರದ ಯಶೋಧಾ ಕ್ಲಿನಿಕ್ ನ ಸ್ಪೆಷಲಿಸ್ಟ್ ಸ್ಟಾರಿಂಗ್ ಸೆಂಟರ್ ನಲ್ಲಿ ಬೆಳಗ್ಗೆ 11.30 ರಿಂದ 5.30 ರವರೆಗೆ ರೋಗಿಗಳ ತಪಾಸಣೆ ನಡೆಸಲಾಗುವುದು ಎಂದು ಡಾ. ಶಿವಪ್ರಸಾದ್ ಅವರು ಹೇಳಿದರು.
ಸುದ್ದಿಗೋಷ್ಠಿಯಲ್ಲಿ ಆಸ್ಪತ್ರೆ ಅಧಿಕಾರಿಗಳು ಉಪಸ್ಥಿತರಿದ್ದರು.
